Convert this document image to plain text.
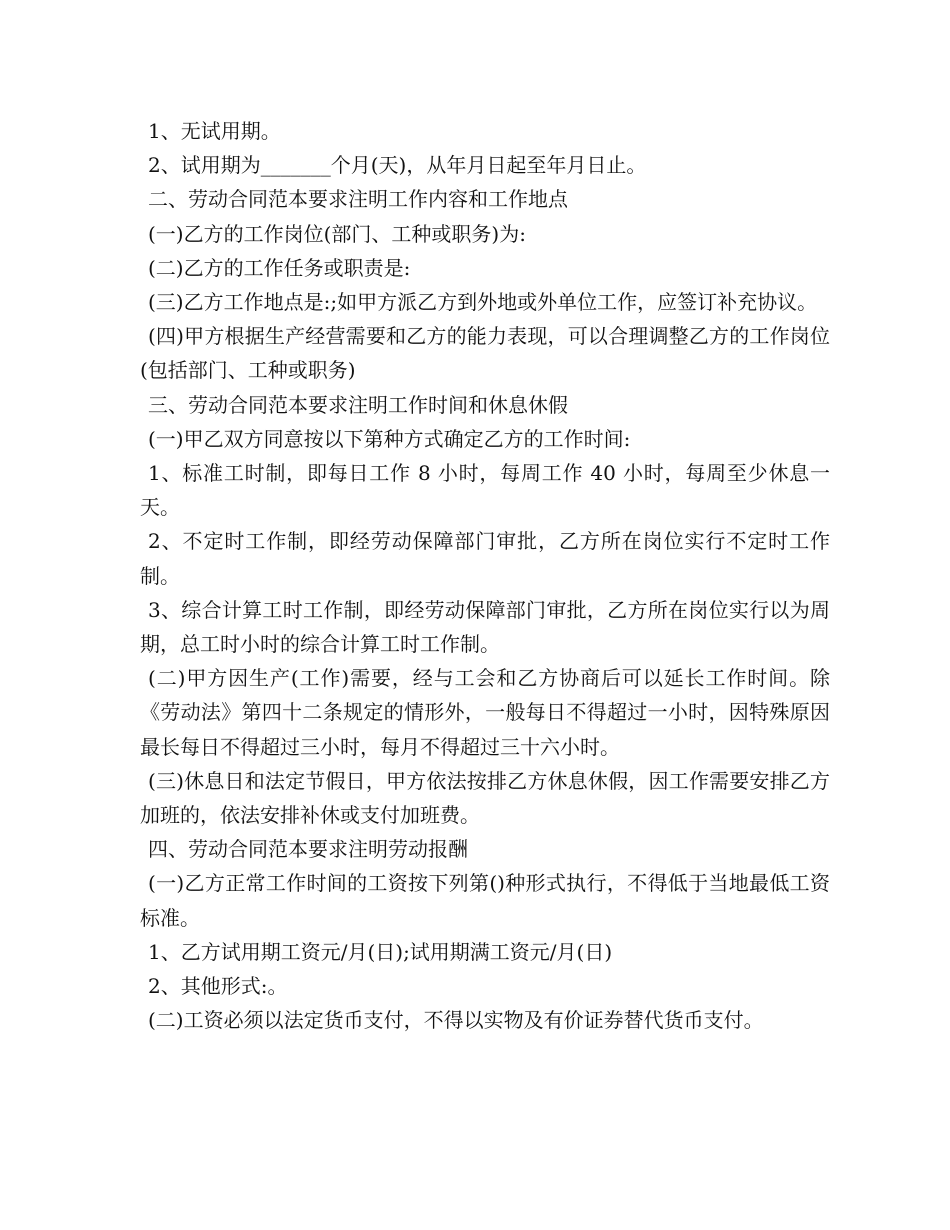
1、无试用期。

2、试用期为_______个月(天)，从年月日起至年月日止。

二、劳动合同范本要求注明工作内容和工作地点

(一)乙方的工作岗位(部门、工种或职务)为:

(二)乙方的工作任务或职责是:

(三)乙方工作地点是:;如甲方派乙方到外地或外单位工作，应签订补充协议。

(四)甲方根据生产经营需要和乙方的能力表现，可以合理调整乙方的工作岗位(包括部门、工种或职务)

三、劳动合同范本要求注明工作时间和休息休假

(一)甲乙双方同意按以下第种方式确定乙方的工作时间:

1、标准工时制，即每日工作 8 小时，每周工作 40 小时，每周至少休息一天。

2、不定时工作制，即经劳动保障部门审批，乙方所在岗位实行不定时工作制。

3、综合计算工时工作制，即经劳动保障部门审批，乙方所在岗位实行以为周期，总工时小时的综合计算工时工作制。

(二)甲方因生产(工作)需要，经与工会和乙方协商后可以延长工作时间。除《劳动法》第四十二条规定的情形外，一般每日不得超过一小时，因特殊原因最长每日不得超过三小时，每月不得超过三十六小时。

(三)休息日和法定节假日，甲方依法按排乙方休息休假，因工作需要安排乙方加班的，依法安排补休或支付加班费。

四、劳动合同范本要求注明劳动报酬

(一)乙方正常工作时间的工资按下列第()种形式执行，不得低于当地最低工资标准。

1、乙方试用期工资元/月(日);试用期满工资元/月(日)

2、其他形式:。

(二)工资必须以法定货币支付，不得以实物及有价证券替代货币支付。
